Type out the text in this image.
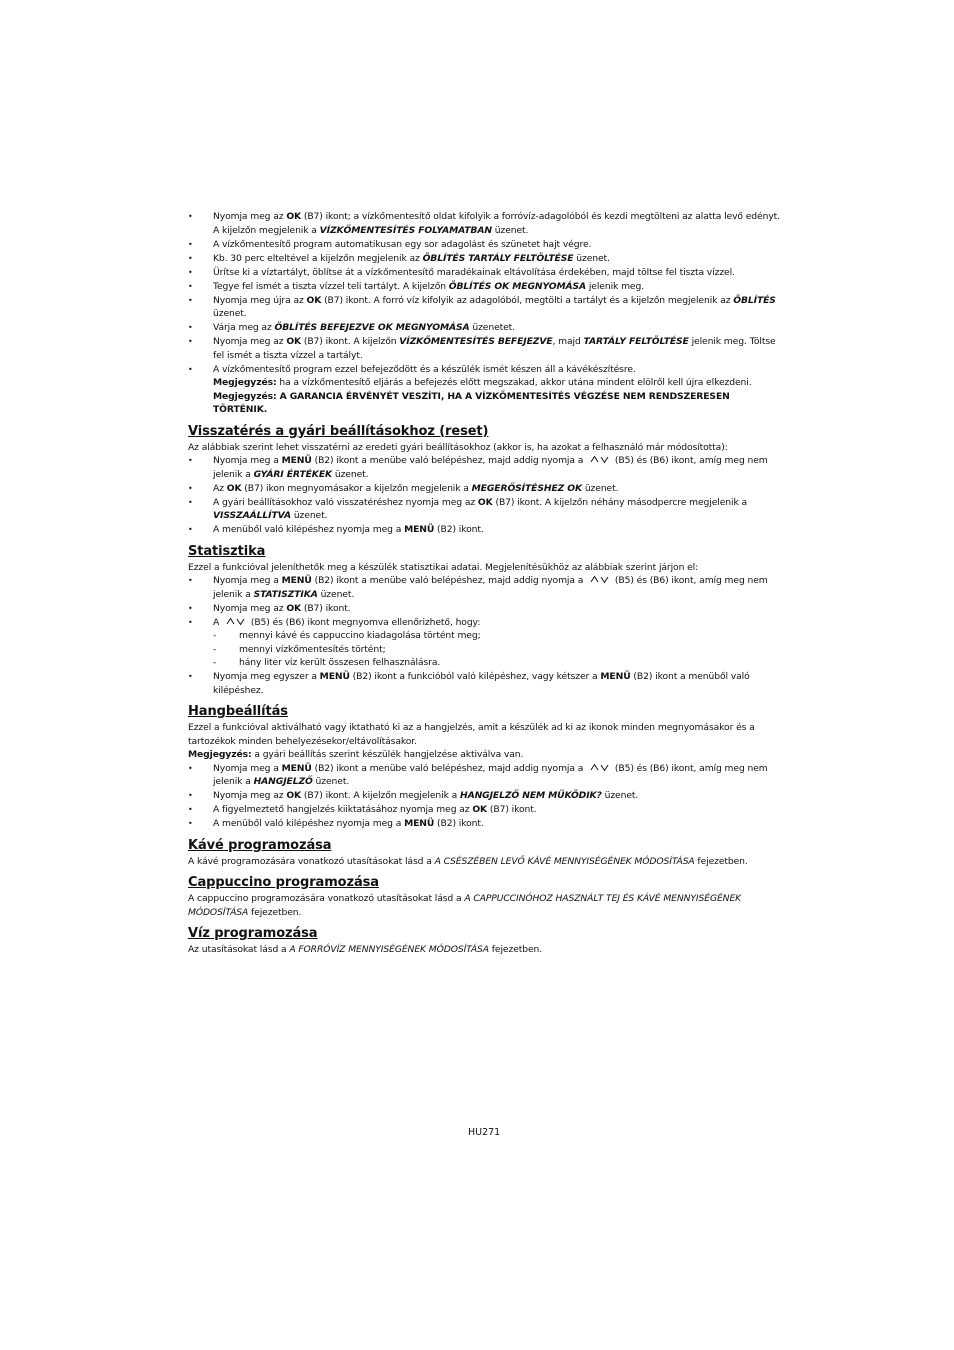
• Nyomja meg az OK (B7) ikont; a vízkőmentesítő oldat kifolyik a forróvíz-adagolóból és kezdi megtölteni az alatta levő edényt. A kijelzőn megjelenik a VÍZKŐMENTESÍTÉS FOLYAMATBAN üzenet.
• A vízkőmentesítő program automatikusan egy sor adagolást és szünetet hajt végre.
• Kb. 30 perc elteltével a kijelzőn megjelenik az ÖBLÍTÉS TARTÁLY FELTÖLTÉSE üzenet.
• Ürítse ki a víztartályt, öblítse át a vízkőmentesítő maradékainak eltávolítása érdekében, majd töltse fel tiszta vízzel.
• Tegye fel ismét a tiszta vízzel teli tartályt. A kijelzőn ÖBLÍTÉS OK MEGNYOMÁSA jelenik meg.
• Nyomja meg újra az OK (B7) ikont. A forró víz kifolyik az adagolóból, megtölti a tartályt és a kijelzőn megjelenik az ÖBLÍTÉS üzenet.
• Várja meg az ÖBLÍTÉS BEFEJEZVE OK MEGNYOMÁSA üzenetet.
• Nyomja meg az OK (B7) ikont. A kijelzőn VÍZKŐMENTESÍTÉS BEFEJEZVE, majd TARTÁLY FELTÖLTÉSE jelenik meg. Töltse fel ismét a tiszta vízzel a tartályt.
• A vízkőmentesítő program ezzel befejeződött és a készülék ismét készen áll a kávékészítésre.
Megjegyzés: ha a vízkőmentesítő eljárás a befejezés előtt megszakad, akkor utána mindent elölről kell újra elkezdeni.
Megjegyzés: A GARANCIA ÉRVÉNYÉT VESZÍTI, HA A VÍZKŐMENTESÍTÉS VÉGZÉSE NEM RENDSZERESEN TÖRTÉNIK.
Visszatérés a gyári beállításokhoz (reset)

Az alábbiak szerint lehet visszatérni az eredeti gyári beállításokhoz (akkor is, ha azokat a felhasználó már módosította):

• Nyomja meg a MENÜ (B2) ikont a menübe való belépéshez, majd addig nyomja a	(B5) és (B6) ikont, amíg meg nem jelenik a GYÁRI ÉRTÉKEK üzenet.
• Az OK (B7) ikon megnyomásakor a kijelzőn megjelenik a MEGERŐSÍTÉSHEZ OK üzenet.
• A gyári beállításokhoz való visszatéréshez nyomja meg az OK (B7) ikont. A kijelzőn néhány másodpercre megjelenik a VISSZAÁLLÍTVA üzenet.
• A menüből való kilépéshez nyomja meg a MENÜ (B2) ikont.
Statisztika

Ezzel a funkcióval jeleníthetők meg a készülék statisztikai adatai. Megjelenítésükhöz az alábbiak szerint járjon el:

• Nyomja meg a MENÜ (B2) ikont a menübe való belépéshez, majd addig nyomja a	(B5) és (B6) ikont, amíg meg nem jelenik a STATISZTIKA üzenet.
• Nyomja meg az OK (B7) ikont.
• A	(B5) és (B6) ikont megnyomva ellenőrizhető, hogy:
- mennyi kávé és cappuccino kiadagolása történt meg;
- mennyi vízkőmentesítés történt;
- hány liter víz került összesen felhasználásra.
• Nyomja meg egyszer a MENÜ (B2) ikont a funkcióból való kilépéshez, vagy kétszer a MENÜ (B2) ikont a menüből való kilépéshez.
Hangbeállítás

Ezzel a funkcióval aktiválható vagy iktatható ki az a hangjelzés, amit a készülék ad ki az ikonok minden megnyomásakor és a tartozékok minden behelyezésekor/eltávolításakor.

Megjegyzés: a gyári beállítás szerint készülék hangjelzése aktiválva van.

• Nyomja meg a MENÜ (B2) ikont a menübe való belépéshez, majd addig nyomja a	(B5) és (B6) ikont, amíg meg nem jelenik a HANGJELZŐ üzenet.
• Nyomja meg az OK (B7) ikont. A kijelzőn megjelenik a HANGJELZŐ NEM MŰKÖDIK? üzenet.
• A figyelmeztető hangjelzés kiiktatásához nyomja meg az OK (B7) ikont.
• A menüből való kilépéshez nyomja meg a MENÜ (B2) ikont.
Kávé programozása

A kávé programozására vonatkozó utasításokat lásd a A CSÉSZÉBEN LEVŐ KÁVÉ MENNYISÉGÉNEK MÓDOSÍTÁSA fejezetben.

Cappuccino programozása

A cappuccino programozására vonatkozó utasításokat lásd a A CAPPUCCINÓHOZ HASZNÁLT TEJ ÉS KÁVÉ MENNYISÉGÉNEK MÓDOSÍTÁSA fejezetben.

Víz programozása

Az utasításokat lásd a A FORRÓVÍZ MENNYISÉGÉNEK MÓDOSÍTÁSA fejezetben.

HU271
